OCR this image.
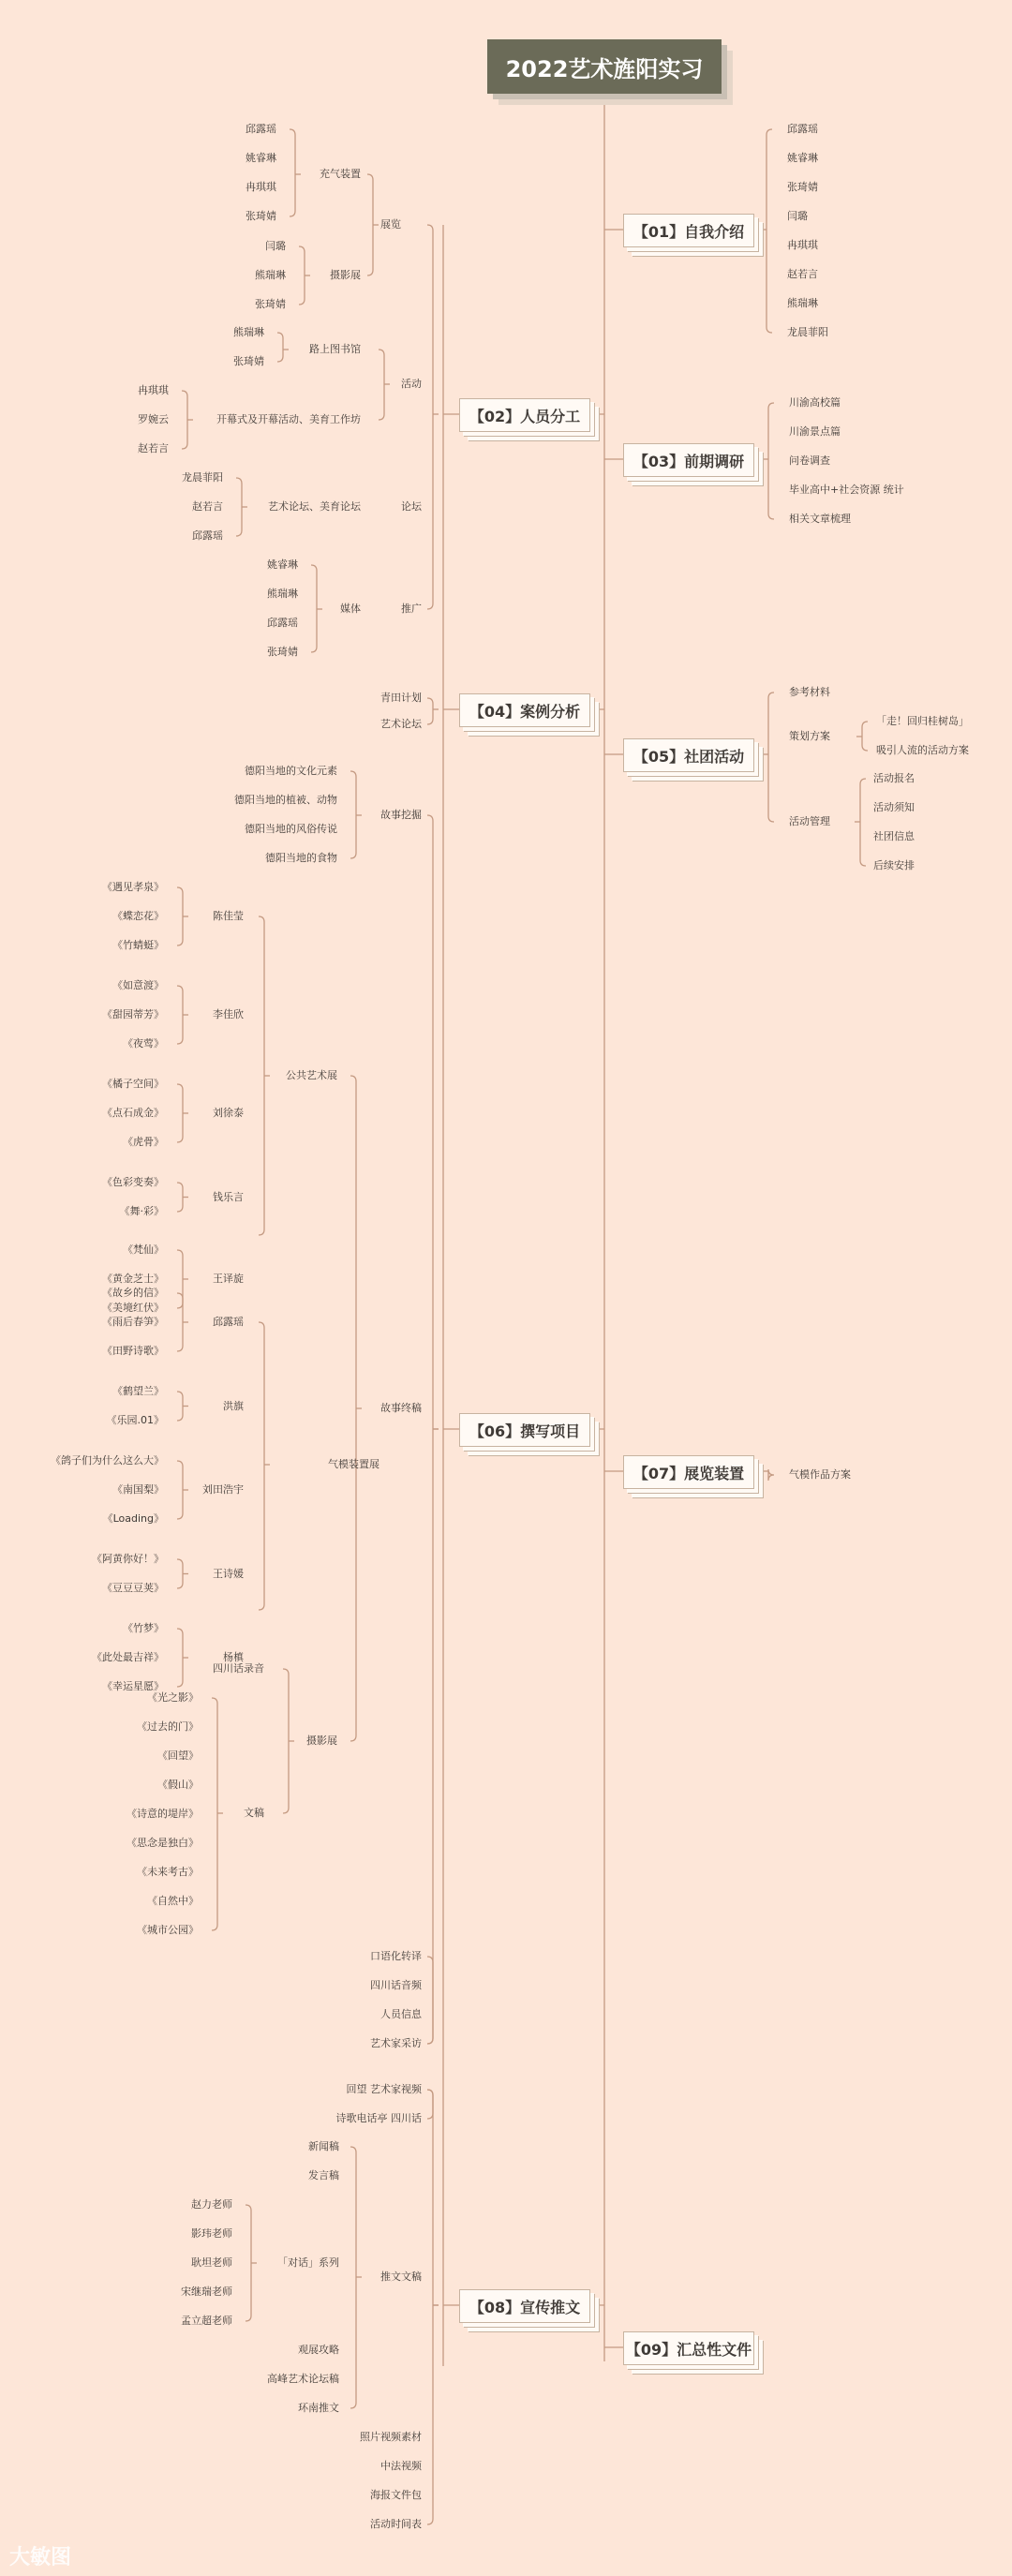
2022艺术旌阳实习
大敏图
【01】自我介绍
【03】前期调研
【05】社团活动
【07】展览装置
【09】汇总性文件
【02】人员分工
【04】案例分析
【06】撰写项目
【08】宣传推文
邱露瑶
姚睿琳
张琦婧
闫璐
冉琪琪
赵若言
熊瑞琳
龙晨菲阳
川渝高校篇
川渝景点篇
问卷调查
毕业高中+社会资源 统计
相关文章梳理
参考材料
策划方案
「走！回归桂树岛」
吸引人流的活动方案
活动管理
活动报名
活动须知
社团信息
后续安排
气模作品方案
展览
充气装置
邱露瑶
姚睿琳
冉琪琪
张琦婧
摄影展
闫璐
熊瑞琳
张琦婧
活动
路上图书馆
熊瑞琳
张琦婧
开幕式及开幕活动、美育工作坊
冉琪琪
罗婉云
赵若言
论坛
艺术论坛、美育论坛
龙晨菲阳
赵若言
邱露瑶
推广
媒体
姚睿琳
熊瑞琳
邱露瑶
张琦婧
青田计划
艺术论坛
故事挖掘
德阳当地的文化元素
德阳当地的植被、动物
德阳当地的风俗传说
德阳当地的食物
故事终稿
公共艺术展
陈佳莹
《遇见孝泉》
《蝶恋花》
《竹蜻蜓》
李佳欣
《如意渡》
《甜园蒂芳》
《夜莺》
刘徐泰
《橘子空间》
《点石成金》
《虎骨》
钱乐言
《色彩变奏》
《舞·彩》
王译旋
《梵仙》
《黄金芝士》
《美境红伏》
气模装置展
邱露瑶
《故乡的信》
《雨后春笋》
《田野诗歌》
洪旗
《鹤望兰》
《乐园.01》
刘田浩宇
《鸽子们为什么这么大》
《南国梨》
《Loading》
王诗媛
《阿黄你好！》
《豆豆豆荚》
杨槙
《竹梦》
《此处最吉祥》
《幸运星愿》
摄影展
四川话录音
文稿
《光之影》
《过去的门》
《回望》
《假山》
《诗意的堤岸》
《思念是独白》
《未来考古》
《自然中》
《城市公园》
口语化转译
四川话音频
人员信息
艺术家采访
回望 艺术家视频
诗歌电话亭 四川话
推文文稿
新闻稿
发言稿
「对话」系列
赵力老师
影玮老师
耿坦老师
宋继瑞老师
孟立超老师
观展攻略
高峰艺术论坛稿
环南推文
照片视频素材
中法视频
海报文件包
活动时间表
